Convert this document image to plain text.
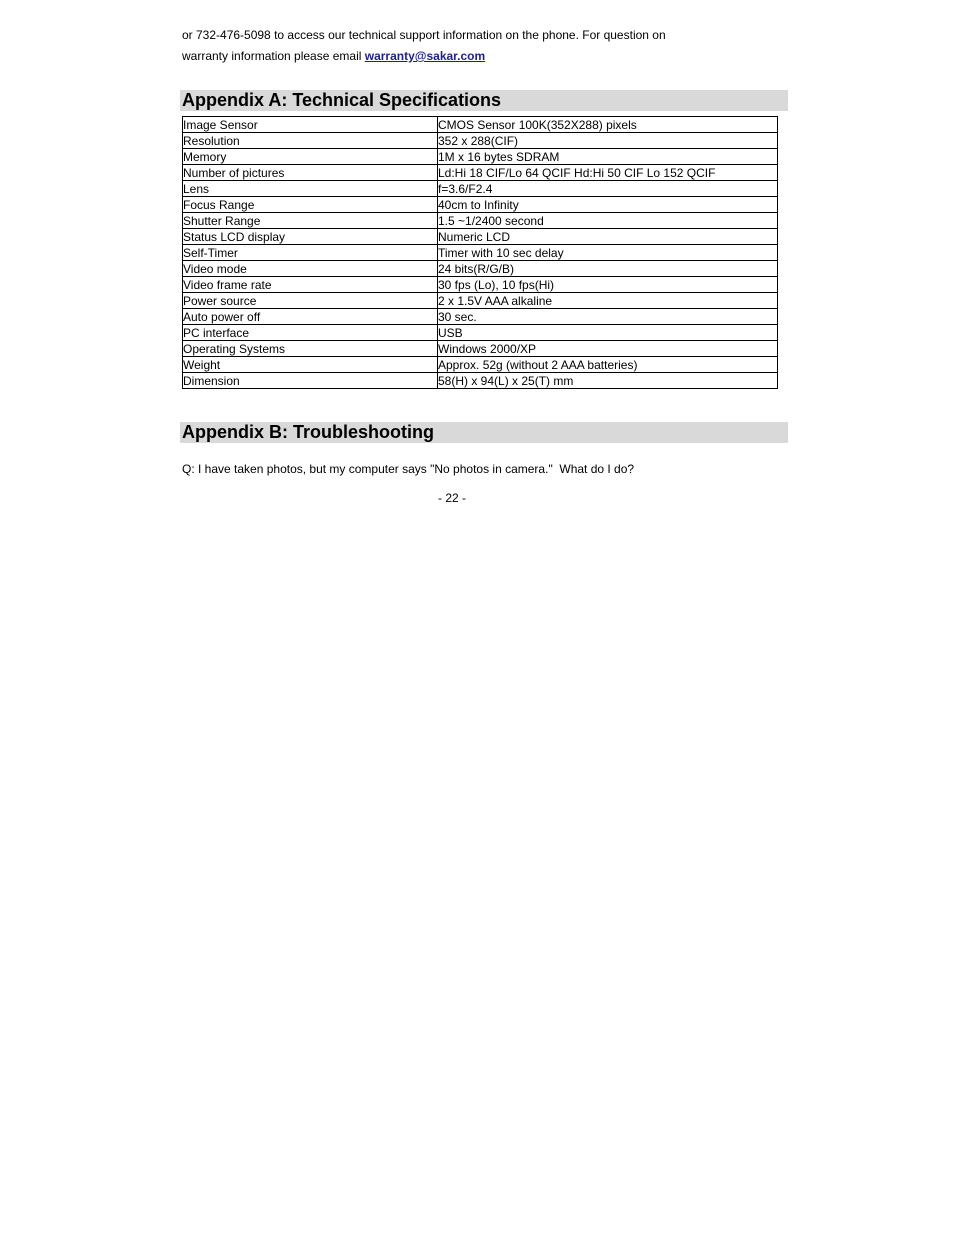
or 732-476-5098 to access our technical support information on the phone. For question on
warranty information please email warranty@sakar.com
Appendix A: Technical Specifications
Image Sensor	CMOS Sensor 100K(352X288) pixels
Resolution	352 x 288(CIF)
Memory	1M x 16 bytes SDRAM
Number of pictures	Ld:Hi 18 CIF/Lo 64 QCIF Hd:Hi 50 CIF Lo 152 QCIF
Lens	f=3.6/F2.4
Focus Range	40cm to Infinity
Shutter Range	1.5 ~1/2400 second
Status LCD display	Numeric LCD
Self-Timer	Timer with 10 sec delay
Video mode	24 bits(R/G/B)
Video frame rate	30 fps (Lo), 10 fps(Hi)
Power source	2 x 1.5V AAA alkaline
Auto power off	30 sec.
PC interface	USB
Operating Systems	Windows 2000/XP
Weight	Approx. 52g (without 2 AAA batteries)
Dimension	58(H) x 94(L) x 25(T) mm
Appendix B: Troubleshooting
Q: I have taken photos, but my computer says "No photos in camera."  What do I do?
- 22 -
